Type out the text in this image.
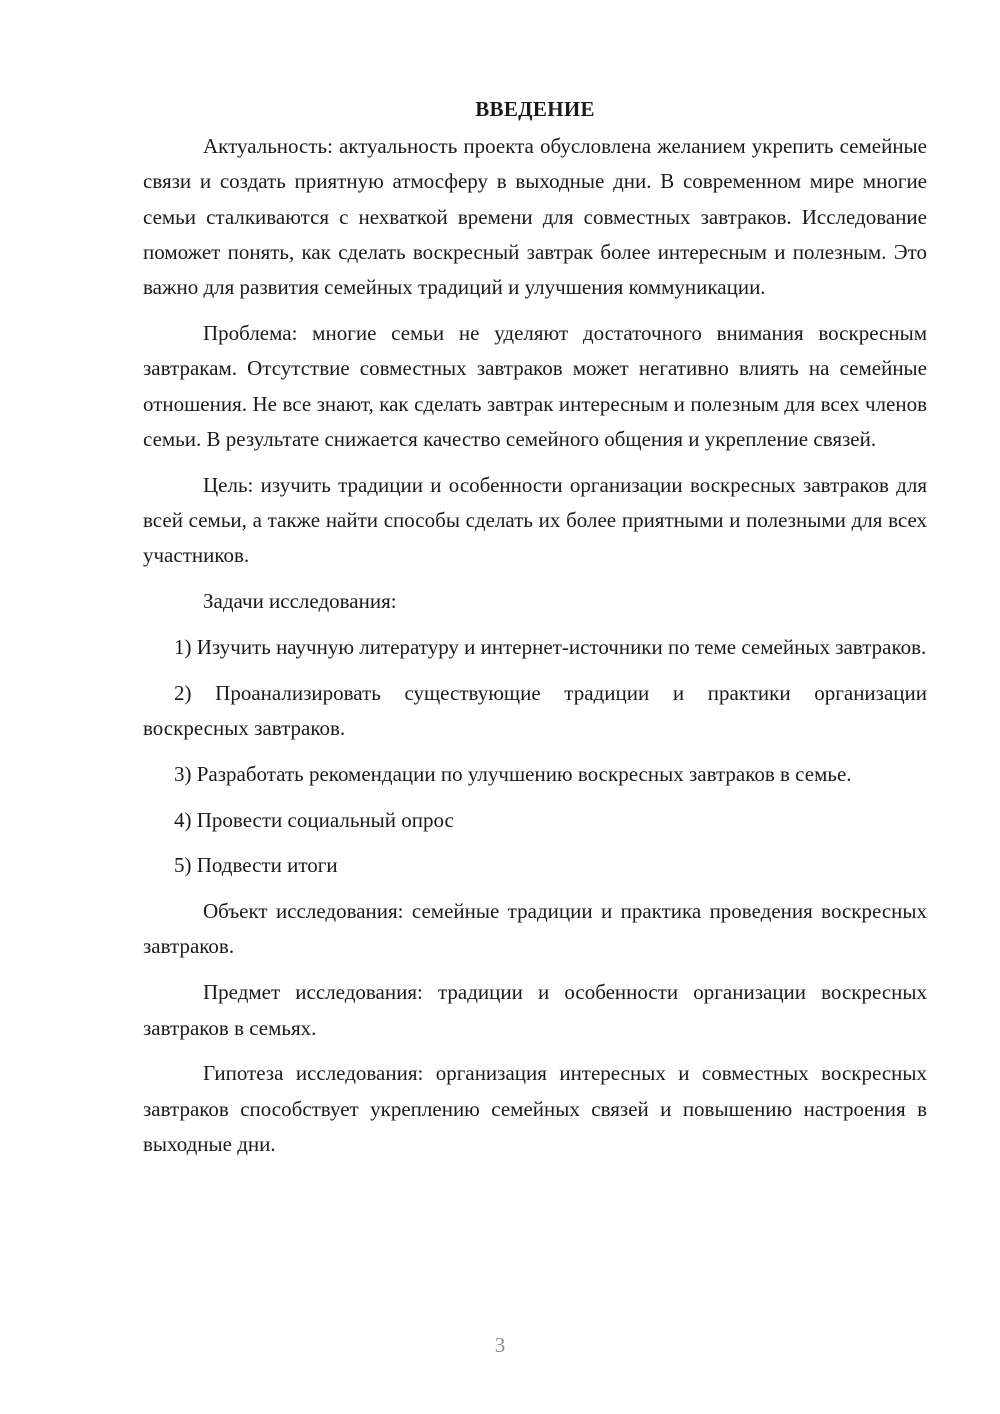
ВВЕДЕНИЕ

Актуальность: актуальность проекта обусловлена желанием укрепить семейные связи и создать приятную атмосферу в выходные дни. В современном мире многие семьи сталкиваются с нехваткой времени для совместных завтраков. Исследование поможет понять, как сделать воскресный завтрак более интересным и полезным. Это важно для развития семейных традиций и улучшения коммуникации.

Проблема: многие семьи не уделяют достаточного внимания воскресным завтракам. Отсутствие совместных завтраков может негативно влиять на семейные отношения. Не все знают, как сделать завтрак интересным и полезным для всех членов семьи. В результате снижается качество семейного общения и укрепление связей.

Цель: изучить традиции и особенности организации воскресных завтраков для всей семьи, а также найти способы сделать их более приятными и полезными для всех участников.

Задачи исследования:

1) Изучить научную литературу и интернет-источники по теме семейных завтраков.

2) Проанализировать существующие традиции и практики организации воскресных завтраков.

3) Разработать рекомендации по улучшению воскресных завтраков в семье.

4) Провести социальный опрос

5) Подвести итоги

Объект исследования: семейные традиции и практика проведения воскресных завтраков.

Предмет исследования: традиции и особенности организации воскресных завтраков в семьях.

Гипотеза исследования: организация интересных и совместных воскресных завтраков способствует укреплению семейных связей и повышению настроения в выходные дни.

3
